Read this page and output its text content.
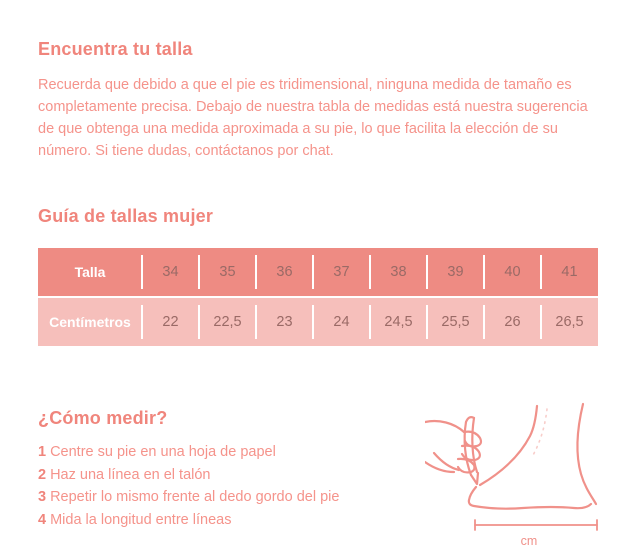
Encuentra tu talla

Recuerda que debido a que el pie es tridimensional, ninguna medida de tamaño es completamente precisa. Debajo de nuestra tabla de medidas está nuestra sugerencia de que obtenga una medida aproximada a su pie, lo que facilita la elección de su número. Si tiene dudas, contáctanos por chat.

Guía de tallas mujer
Talla	34	35	36	37	38	39	40	41
Centímetros	22	22,5	23	24	24,5	25,5	26	26,5
¿Cómo medir?
1 Centre su pie en una hoja de papel
2 Haz una línea en el talón
3 Repetir lo mismo frente al dedo gordo del pie
4 Mida la longitud entre líneas
cm
